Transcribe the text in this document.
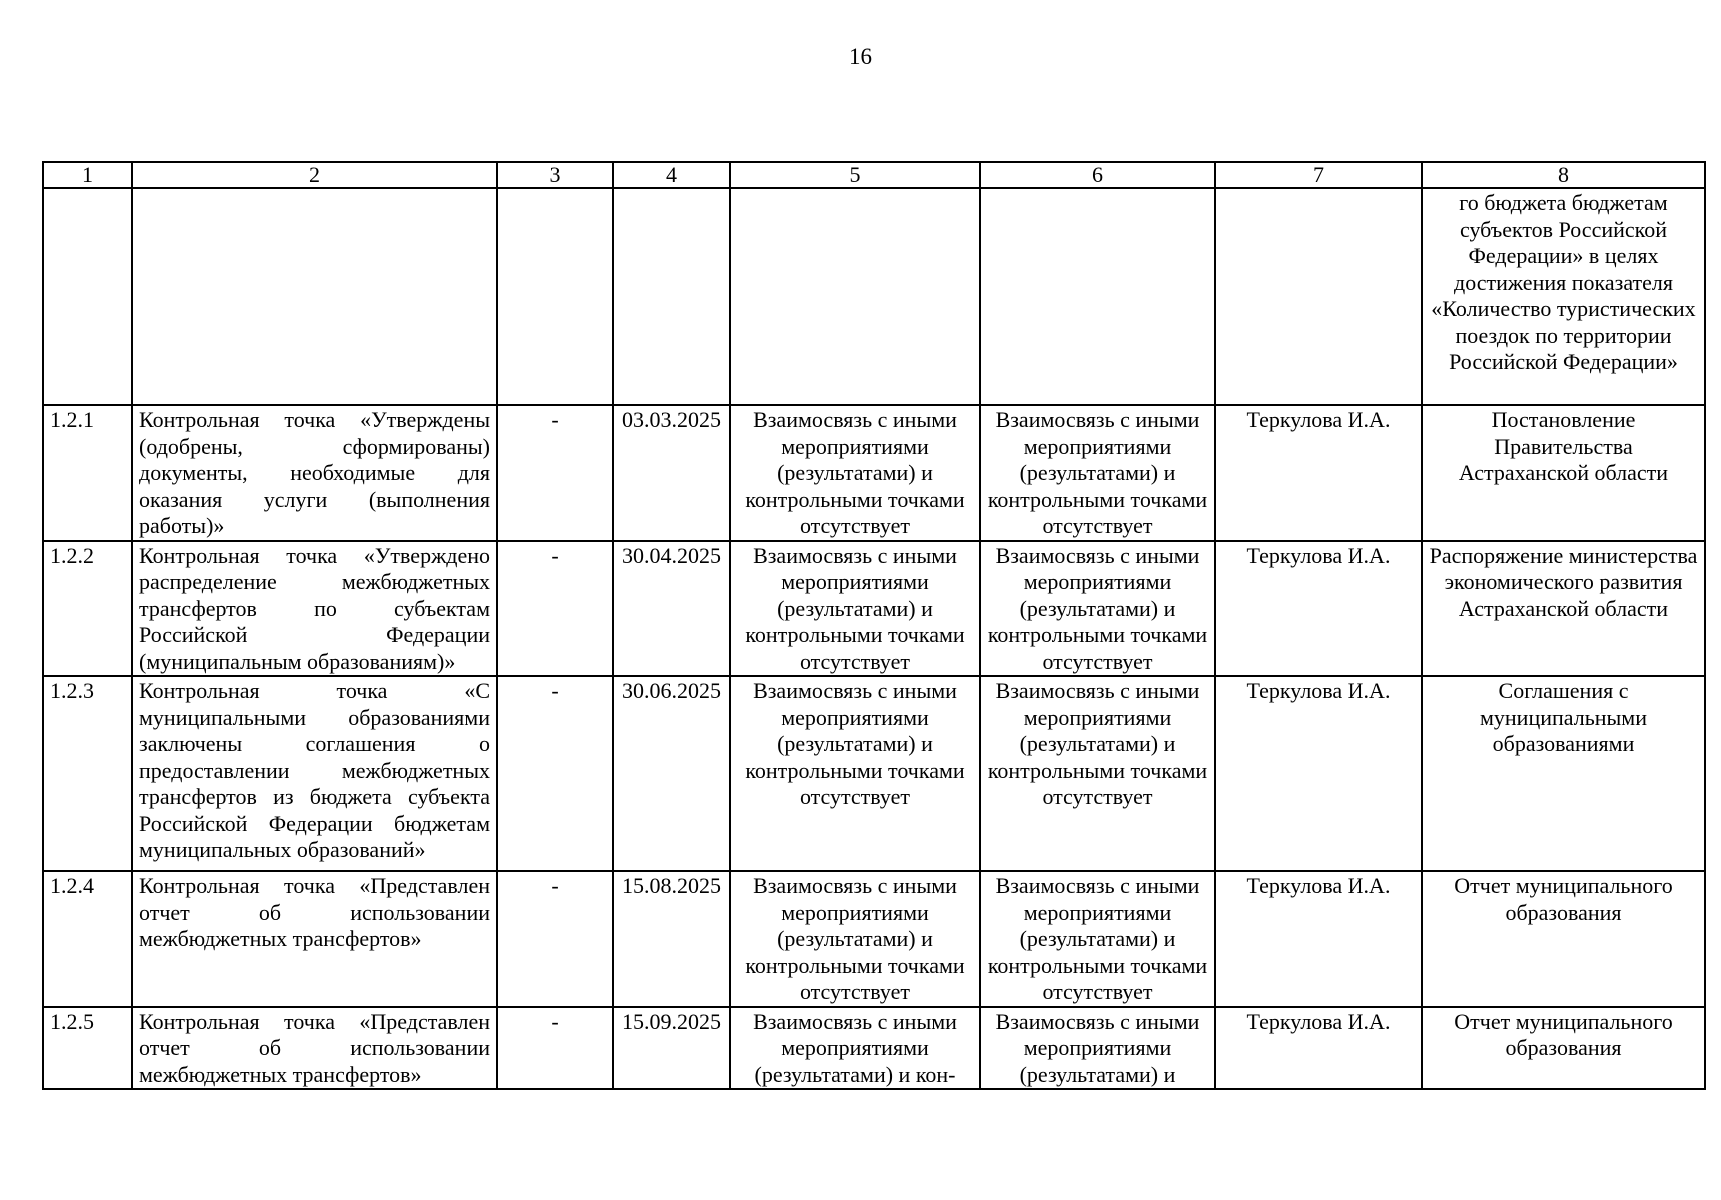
16
1	2	3	4	5	6	7	8
							го бюджета бюджетам субъектов Российской Федерации» в целях достижения показателя «Количество туристических поездок по территории Российской Федерации»
1.2.1	Контрольная точка «Утверждены (одобрены, сформированы) документы, необходимые для оказания услуги (выполнения работы)»	-	03.03.2025	Взаимосвязь с иными мероприятиями (результатами) и контрольными точками отсутствует	Взаимосвязь с иными мероприятиями (результатами) и контрольными точками отсутствует	Теркулова И.А.	Постановление Правительства Астраханской области
1.2.2	Контрольная точка «Утверждено распределение межбюджетных трансфертов по субъектам Российской Федерации (муниципальным образованиям)»	-	30.04.2025	Взаимосвязь с иными мероприятиями (результатами) и контрольными точками отсутствует	Взаимосвязь с иными мероприятиями (результатами) и контрольными точками отсутствует	Теркулова И.А.	Распоряжение министерства экономического развития Астраханской области
1.2.3	Контрольная точка «С муниципальными образованиями заключены соглашения о предоставлении межбюджетных трансфертов из бюджета субъекта Российской Федерации бюджетам муниципальных образований»	-	30.06.2025	Взаимосвязь с иными мероприятиями (результатами) и контрольными точками отсутствует	Взаимосвязь с иными мероприятиями (результатами) и контрольными точками отсутствует	Теркулова И.А.	Соглашения с муниципальными образованиями
1.2.4	Контрольная точка «Представлен отчет об использовании межбюджетных трансфертов»	-	15.08.2025	Взаимосвязь с иными мероприятиями (результатами) и контрольными точками отсутствует	Взаимосвязь с иными мероприятиями (результатами) и контрольными точками отсутствует	Теркулова И.А.	Отчет муниципального образования
1.2.5	Контрольная точка «Представлен отчет об использовании межбюджетных трансфертов»	-	15.09.2025	Взаимосвязь с иными мероприятиями (результатами) и кон-	Взаимосвязь с иными мероприятиями (результатами) и	Теркулова И.А.	Отчет муниципального образования
